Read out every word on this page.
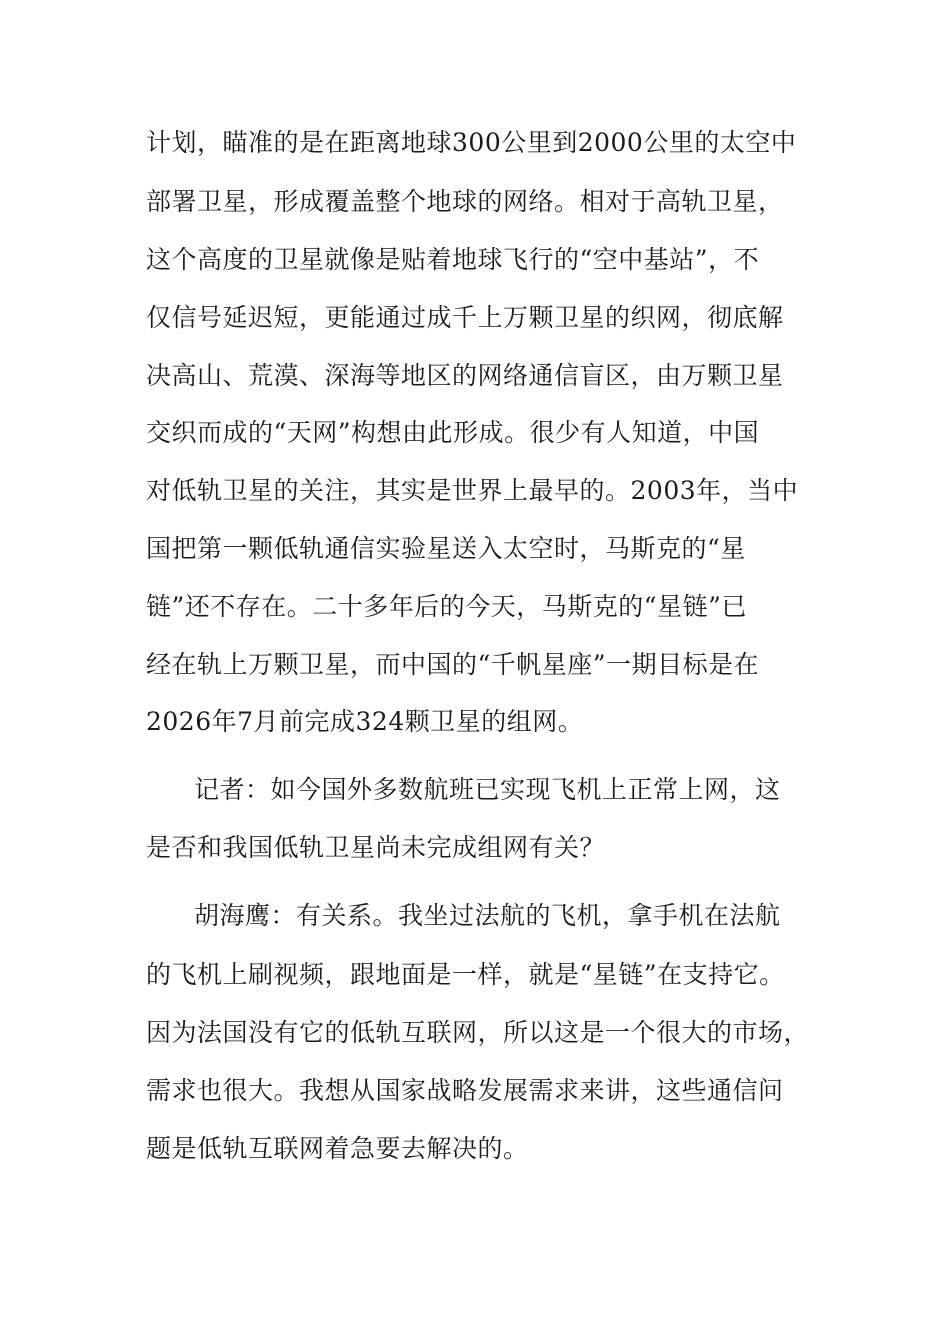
计划，瞄准的是在距离地球300公里到2000公里的太空中
部署卫星，形成覆盖整个地球的网络。相对于高轨卫星，
这个高度的卫星就像是贴着地球飞行的“空中基站”，不
仅信号延迟短，更能通过成千上万颗卫星的织网，彻底解
决高山、荒漠、深海等地区的网络通信盲区，由万颗卫星
交织而成的“天网”构想由此形成。很少有人知道，中国
对低轨卫星的关注，其实是世界上最早的。2003年，当中
国把第一颗低轨通信实验星送入太空时，马斯克的“星
链”还不存在。二十多年后的今天，马斯克的“星链”已
经在轨上万颗卫星，而中国的“千帆星座”一期目标是在
2026年7月前完成324颗卫星的组网。
记者：如今国外多数航班已实现飞机上正常上网，这
是否和我国低轨卫星尚未完成组网有关？
胡海鹰：有关系。我坐过法航的飞机，拿手机在法航
的飞机上刷视频，跟地面是一样，就是“星链”在支持它。
因为法国没有它的低轨互联网，所以这是一个很大的市场，
需求也很大。我想从国家战略发展需求来讲，这些通信问
题是低轨互联网着急要去解决的。
